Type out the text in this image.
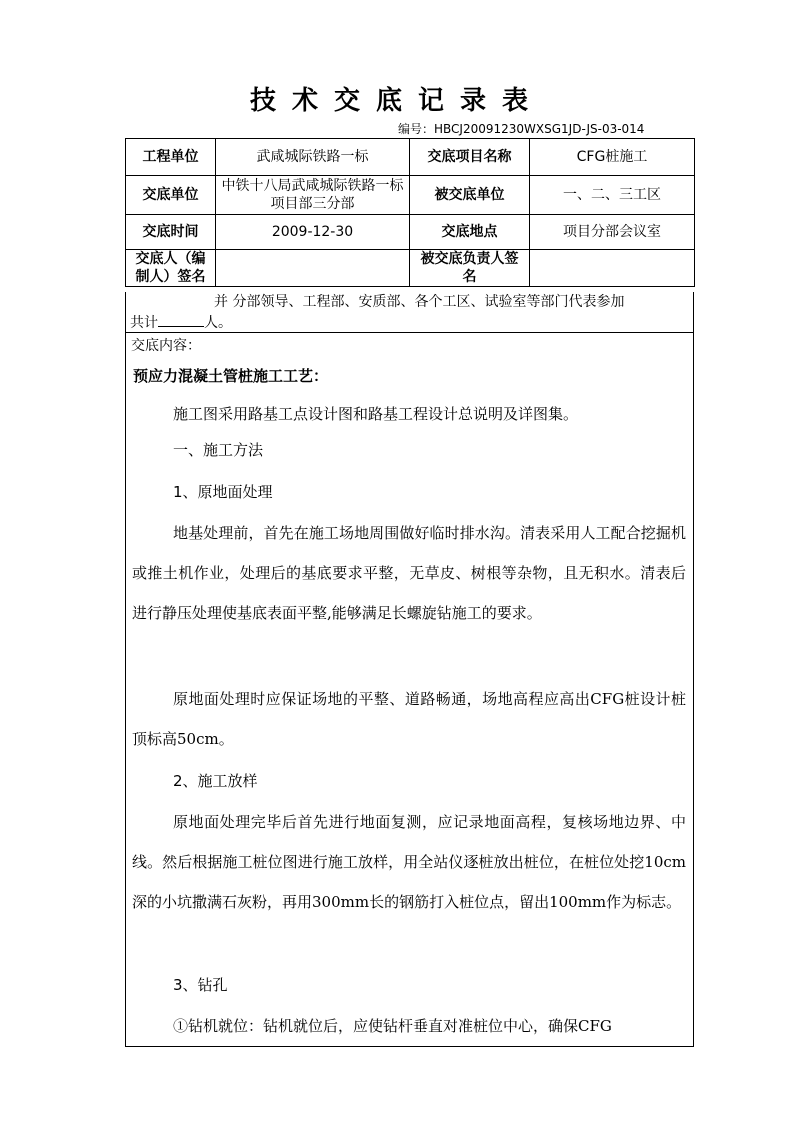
技术交底记录表
编号：HBCJ20091230WXSG1JD-JS-03-014
工程单位	武咸城际铁路一标	交底项目名称	CFG桩施工
交底单位	中铁十八局武咸城际铁路一标项目部三分部	被交底单位	一、二、三工区
交底时间	2009-12-30	交底地点	项目分部会议室
交底人（编制人）签名		被交底负责人签名	
并 分部领导、工程部、安质部、各个工区、试验室等部门代表参加
共计	人。
交底内容：
预应力混凝土管桩施工工艺：
施工图采用路基工点设计图和路基工程设计总说明及详图集。
一、施工方法
1、原地面处理
地基处理前，首先在施工场地周围做好临时排水沟。清表采用人工配合挖掘机或推土机作业，处理后的基底要求平整，无草皮、树根等杂物，且无积水。清表后进行静压处理使基底表面平整,能够满足长螺旋钻施工的要求。
原地面处理时应保证场地的平整、道路畅通，场地高程应高出CFG桩设计桩顶标高50cm。
2、施工放样
原地面处理完毕后首先进行地面复测，应记录地面高程，复核场地边界、中线。然后根据施工桩位图进行施工放样，用全站仪逐桩放出桩位，在桩位处挖10cm深的小坑撒满石灰粉，再用300mm长的钢筋打入桩位点，留出100mm作为标志。
3、钻孔
①钻机就位：钻机就位后，应使钻杆垂直对准桩位中心，确保CFG
